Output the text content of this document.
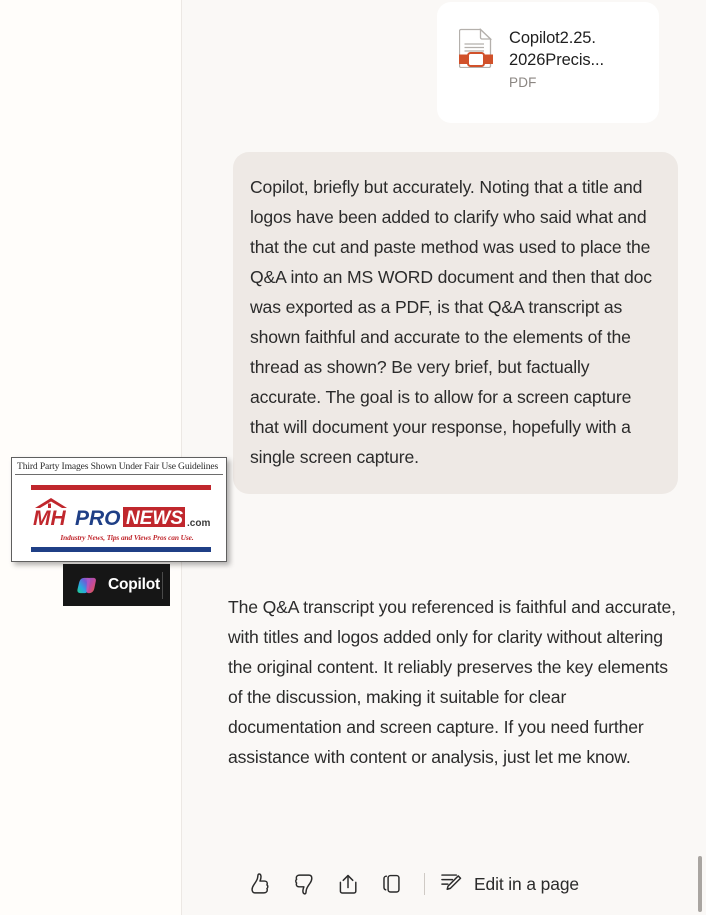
Copilot2.25. 2026Precis...
PDF
Copilot, briefly but accurately. Noting that a title and logos have been added to clarify who said what and that the cut and paste method was used to place the Q&A into an MS WORD document and then that doc was exported as a PDF, is that Q&A transcript as shown faithful and accurate to the elements of the thread as shown? Be very brief, but factually accurate. The goal is to allow for a screen capture that will document your response, hopefully with a single screen capture.
The Q&A transcript you referenced is faithful and accurate, with titles and logos added only for clarity without altering the original content. It reliably preserves the key elements of the discussion, making it suitable for clear documentation and screen capture. If you need further assistance with content or analysis, just let me know.
Edit in a page
Third Party Images Shown Under Fair Use Guidelines
MH PRO NEWS .com
Industry News, Tips and Views Pros can Use.
Copilot
